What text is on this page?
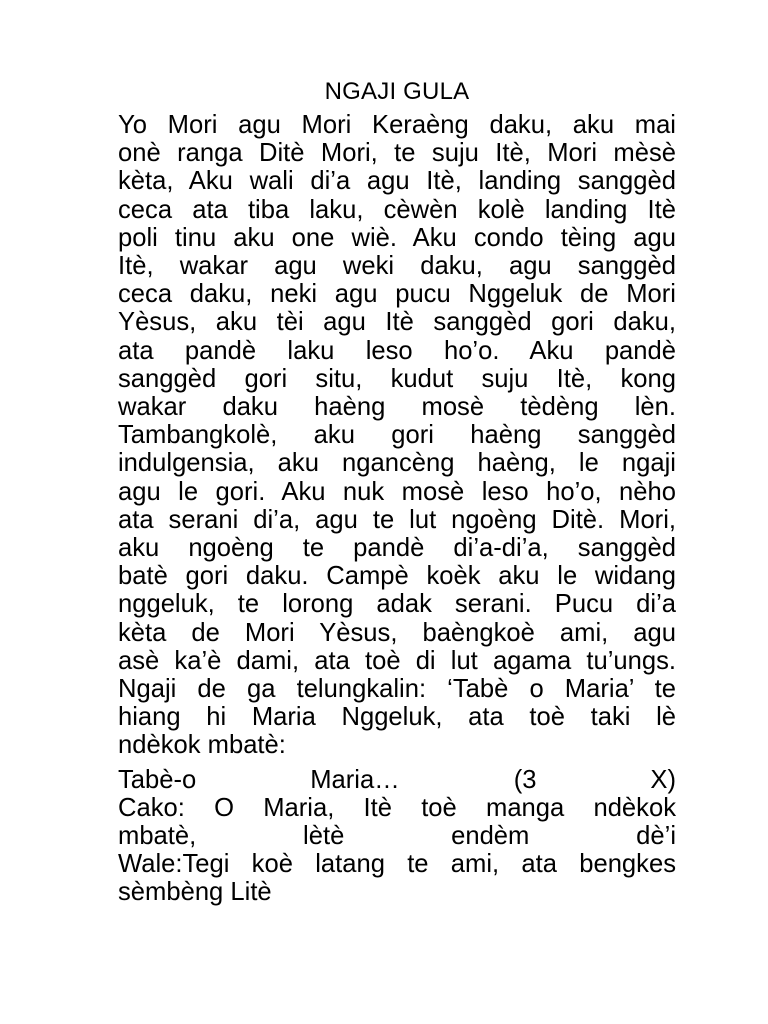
NGAJI GULA
Yo Mori agu Mori Keraèng daku, aku mai
onè ranga Ditè Mori, te suju Itè, Mori mèsè
kèta, Aku wali di’a agu Itè, landing sanggèd
ceca ata tiba laku, cèwèn kolè landing Itè
poli tinu aku one wiè. Aku condo tèing agu
Itè, wakar agu weki daku, agu sanggèd
ceca daku, neki agu pucu Nggeluk de Mori
Yèsus, aku tèi agu Itè sanggèd gori daku,
ata pandè laku leso ho’o. Aku pandè
sanggèd gori situ, kudut suju Itè, kong
wakar daku haèng mosè tèdèng lèn.
Tambangkolè, aku gori haèng sanggèd
indulgensia, aku ngancèng haèng, le ngaji
agu le gori. Aku nuk mosè leso ho’o, nèho
ata serani di’a, agu te lut ngoèng Ditè. Mori,
aku ngoèng te pandè di’a-di’a, sanggèd
batè gori daku. Campè koèk aku le widang
nggeluk, te lorong adak serani. Pucu di’a
kèta de Mori Yèsus, baèngkoè ami, agu
asè ka’è dami, ata toè di lut agama tu’ungs.
Ngaji de ga telungkalin: ‘Tabè o Maria’ te
hiang hi Maria Nggeluk, ata toè taki lè
ndèkok mbatè:
Tabè-o Maria… (3 X)
Cako: O Maria, Itè toè manga ndèkok
mbatè, lètè endèm dè’i
Wale:Tegi koè latang te ami, ata bengkes
sèmbèng Litè
